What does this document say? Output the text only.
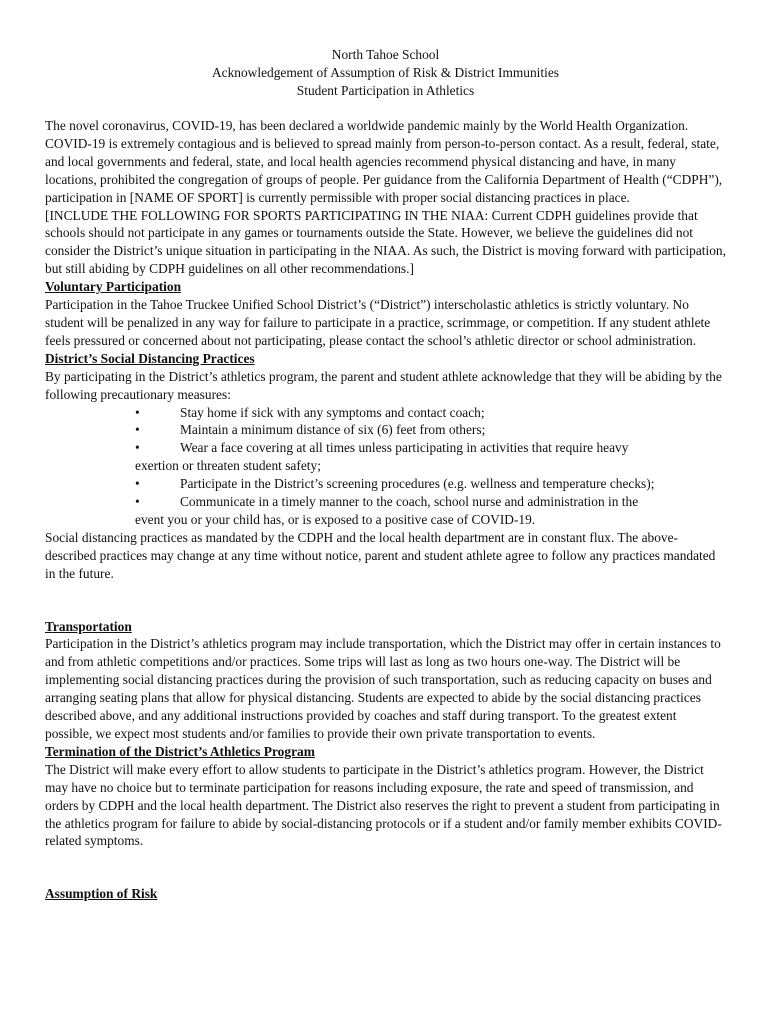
North Tahoe School
Acknowledgement of Assumption of Risk & District Immunities
Student Participation in Athletics

The novel coronavirus, COVID-19, has been declared a worldwide pandemic mainly by the World Health Organization. COVID-19 is extremely contagious and is believed to spread mainly from person-to-person contact. As a result, federal, state, and local governments and federal, state, and local health agencies recommend physical distancing and have, in many locations, prohibited the congregation of groups of people. Per guidance from the California Department of Health (“CDPH”), participation in [NAME OF SPORT] is currently permissible with proper social distancing practices in place.

[INCLUDE THE FOLLOWING FOR SPORTS PARTICIPATING IN THE NIAA: Current CDPH guidelines provide that schools should not participate in any games or tournaments outside the State. However, we believe the guidelines did not consider the District’s unique situation in participating in the NIAA. As such, the District is moving forward with participation, but still abiding by CDPH guidelines on all other recommendations.]

Voluntary Participation

Participation in the Tahoe Truckee Unified School District’s (“District”) interscholastic athletics is strictly voluntary. No student will be penalized in any way for failure to participate in a practice, scrimmage, or competition. If any student athlete feels pressured or concerned about not participating, please contact the school’s athletic director or school administration.

District’s Social Distancing Practices

By participating in the District’s athletics program, the parent and student athlete acknowledge that they will be abiding by the following precautionary measures:

•	Stay home if sick with any symptoms and contact coach;
•	Maintain a minimum distance of six (6) feet from others;
•	Wear a face covering at all times unless participating in activities that require heavy
exertion or threaten student safety;
•	Participate in the District’s screening procedures (e.g. wellness and temperature checks);
•	Communicate in a timely manner to the coach, school nurse and administration in the
event you or your child has, or is exposed to a positive case of COVID-19.

Social distancing practices as mandated by the CDPH and the local health department are in constant flux. The above-described practices may change at any time without notice, parent and student athlete agree to follow any practices mandated in the future.

Transportation

Participation in the District’s athletics program may include transportation, which the District may offer in certain instances to and from athletic competitions and/or practices. Some trips will last as long as two hours one-way. The District will be implementing social distancing practices during the provision of such transportation, such as reducing capacity on buses and arranging seating plans that allow for physical distancing. Students are expected to abide by the social distancing practices described above, and any additional instructions provided by coaches and staff during transport. To the greatest extent possible, we expect most students and/or families to provide their own private transportation to events.

Termination of the District’s Athletics Program

The District will make every effort to allow students to participate in the District’s athletics program. However, the District may have no choice but to terminate participation for reasons including exposure, the rate and speed of transmission, and orders by CDPH and the local health department. The District also reserves the right to prevent a student from participating in the athletics program for failure to abide by social-distancing protocols or if a student and/or family member exhibits COVID-related symptoms.

Assumption of Risk
